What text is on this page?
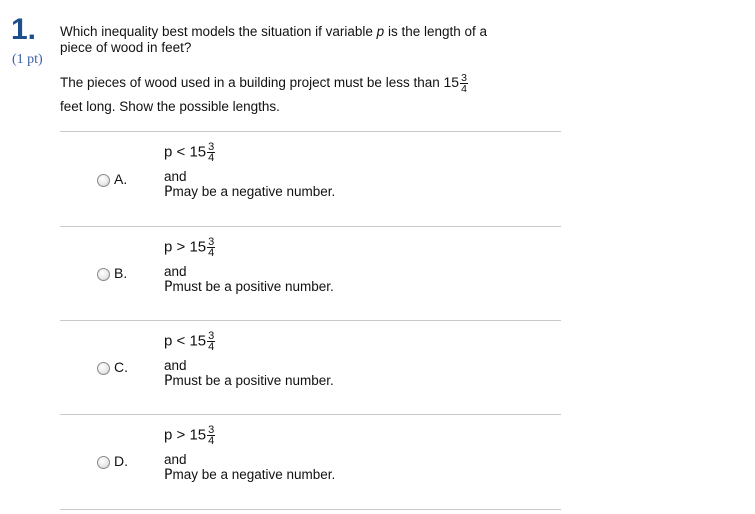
1.
(1 pt)
Which inequality best models the situation if variable p is the length of a piece of wood in feet?
The pieces of wood used in a building project must be less than $15 \frac{3}{4}$

feet long. Show the possible lengths.
$p < 15 \frac{3}{4}$
A.	and
Pmay be a negative number.
$p > 15 \frac{3}{4}$
B.	and
Pmust be a positive number.
$p < 15 \frac{3}{4}$
C.	and
Pmust be a positive number.
$p > 15 \frac{3}{4}$
D.	and
Pmay be a negative number.
